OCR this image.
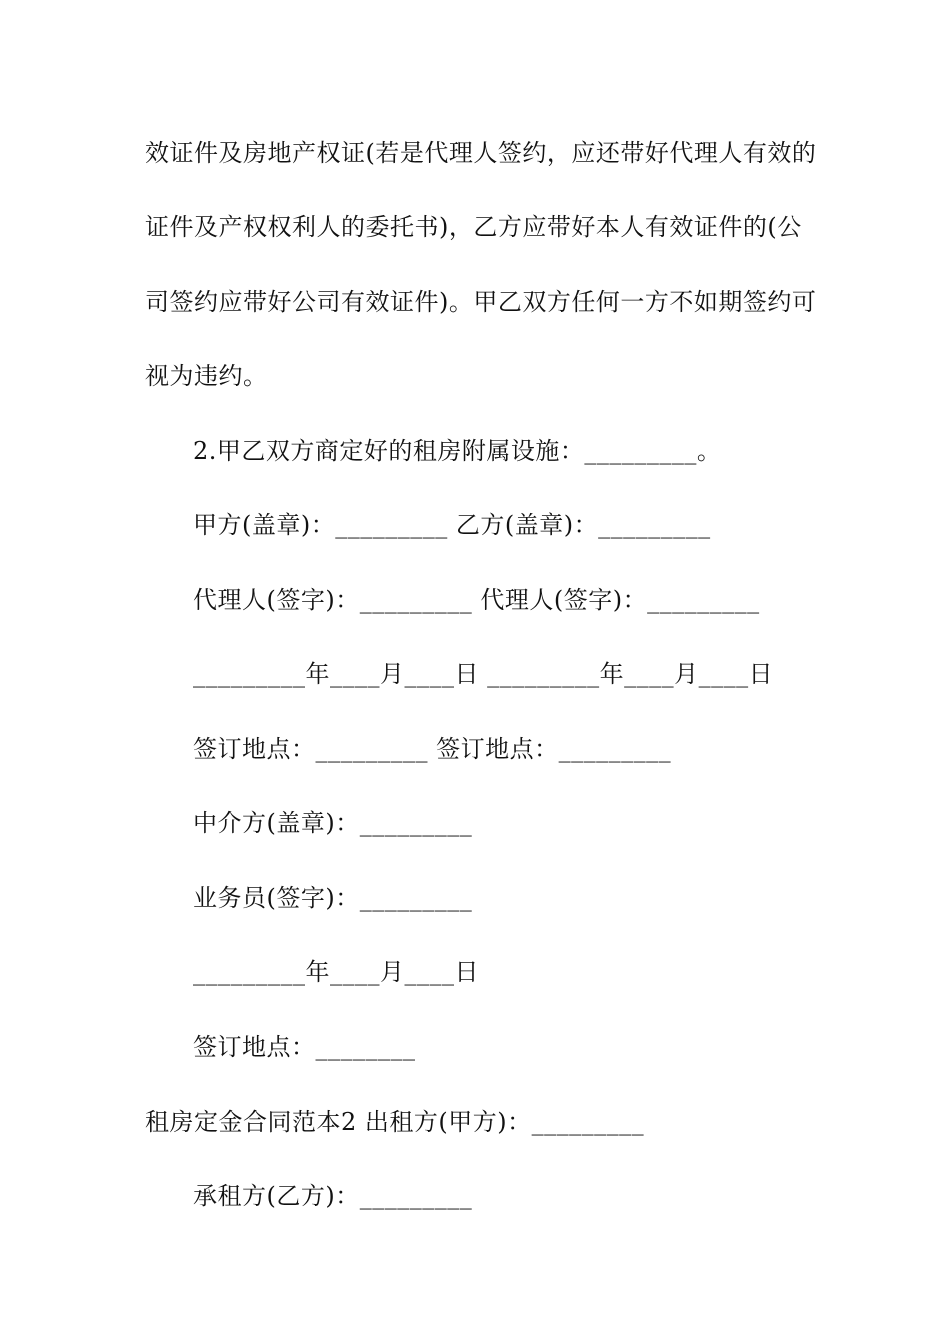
效证件及房地产权证(若是代理人签约，应还带好代理人有效的
证件及产权权利人的委托书)，乙方应带好本人有效证件的(公
司签约应带好公司有效证件)。甲乙双方任何一方不如期签约可
视为违约。
2.甲乙双方商定好的租房附属设施：_________。
甲方(盖章)：_________ 乙方(盖章)：_________
代理人(签字)：_________ 代理人(签字)：_________
_________年____月____日 _________年____月____日
签订地点：_________ 签订地点：_________
中介方(盖章)：_________
业务员(签字)：_________
_________年____月____日
签订地点：________
租房定金合同范本2 出租方(甲方)：_________
承租方(乙方)：_________
